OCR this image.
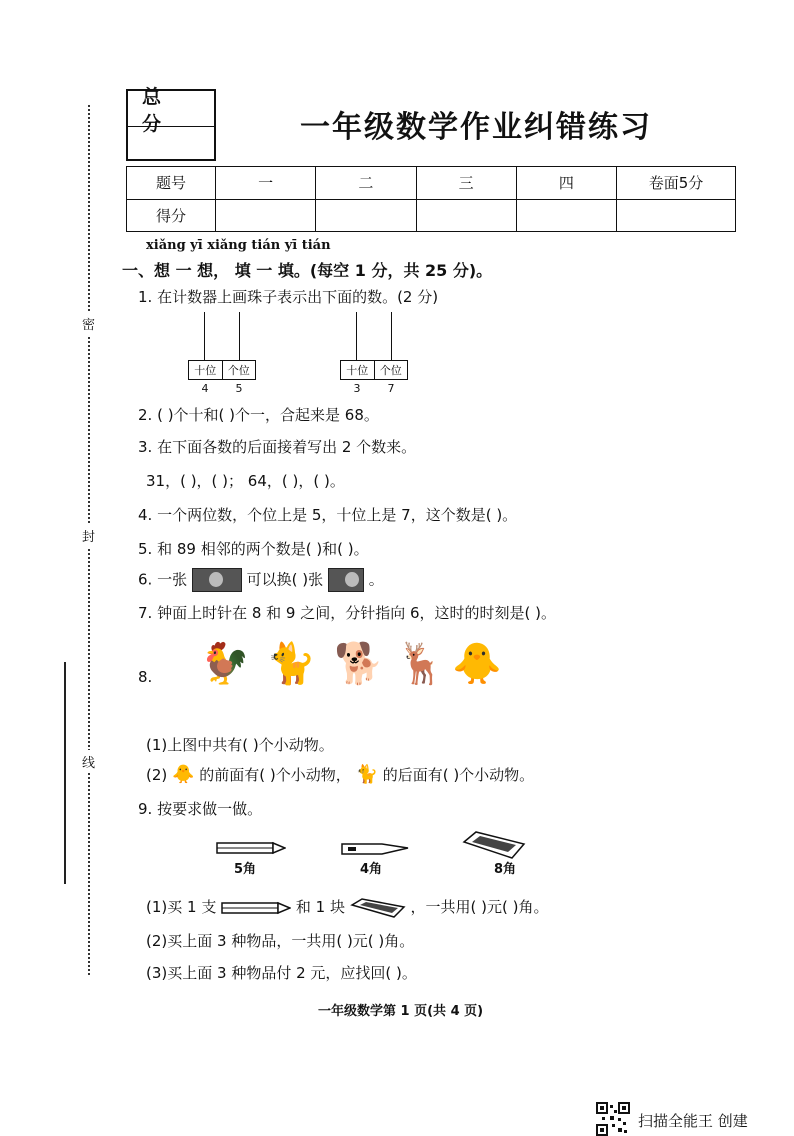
密
封
线
总 分	一年级数学作业纠错练习
题号	一	二	三	四	卷面5分
得分					
xiǎng yī xiǎng tián yī tián
一、想 一 想， 填 一 填。(每空 1 分，共 25 分)。
1. 在计数器上画珠子表示出下面的数。(2 分)
十位	个位
4	5
十位	个位
3	7
2. ( )个十和( )个一，合起来是 68。
3. 在下面各数的后面接着写出 2 个数来。
31，( )，( )； 64，( )，( )。
4. 一个两位数，个位上是 5，十位上是 7，这个数是( )。
5. 和 89 相邻的两个数是( )和( )。
6. 一张	可以换( )张	。
7. 钟面上时针在 8 和 9 之间，分针指向 6，这时的时刻是( )。
8. 🐓 🐈 🐕 🦌 🐥
(1)上图中共有( )个小动物。
(2) 🐥 的前面有( )个小动物， 🐈 的后面有( )个小动物。
9. 按要求做一做。
5角	4角	8角
(1)买 1 支	和 1 块	，一共用( )元( )角。
(2)买上面 3 种物品，一共用( )元( )角。
(3)买上面 3 种物品付 2 元，应找回( )。
一年级数学第 1 页(共 4 页)
扫描全能王 创建
